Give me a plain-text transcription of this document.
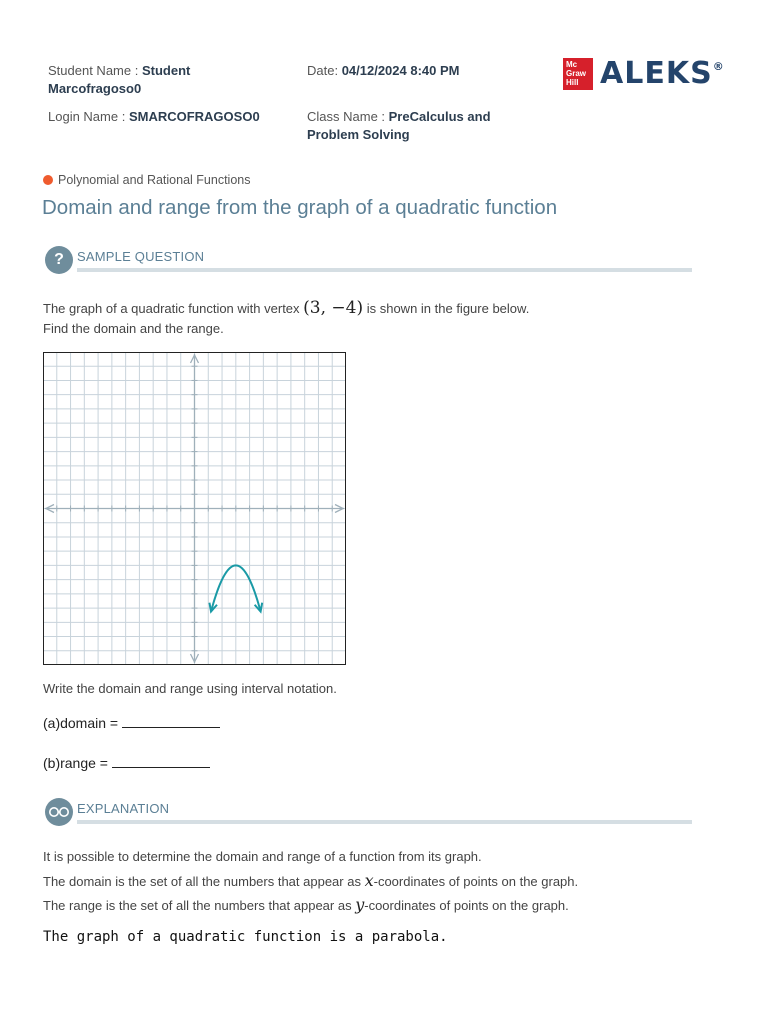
Student Name : Student Marcofragoso0
Login Name : SMARCOFRAGOSO0
Date: 04/12/2024 8:40 PM
Class Name : PreCalculus and Problem Solving
Mc Graw Hill ALEKS®
Polynomial and Rational Functions
Domain and range from the graph of a quadratic function
?	SAMPLE QUESTION
The graph of a quadratic function with vertex (3, −4) is shown in the figure below.
Find the domain and the range.
Write the domain and range using interval notation.
(a)domain =
(b)range =
EXPLANATION
It is possible to determine the domain and range of a function from its graph.
The domain is the set of all the numbers that appear as x-coordinates of points on the graph.
The range is the set of all the numbers that appear as y-coordinates of points on the graph.
The graph of a quadratic function is a parabola.
